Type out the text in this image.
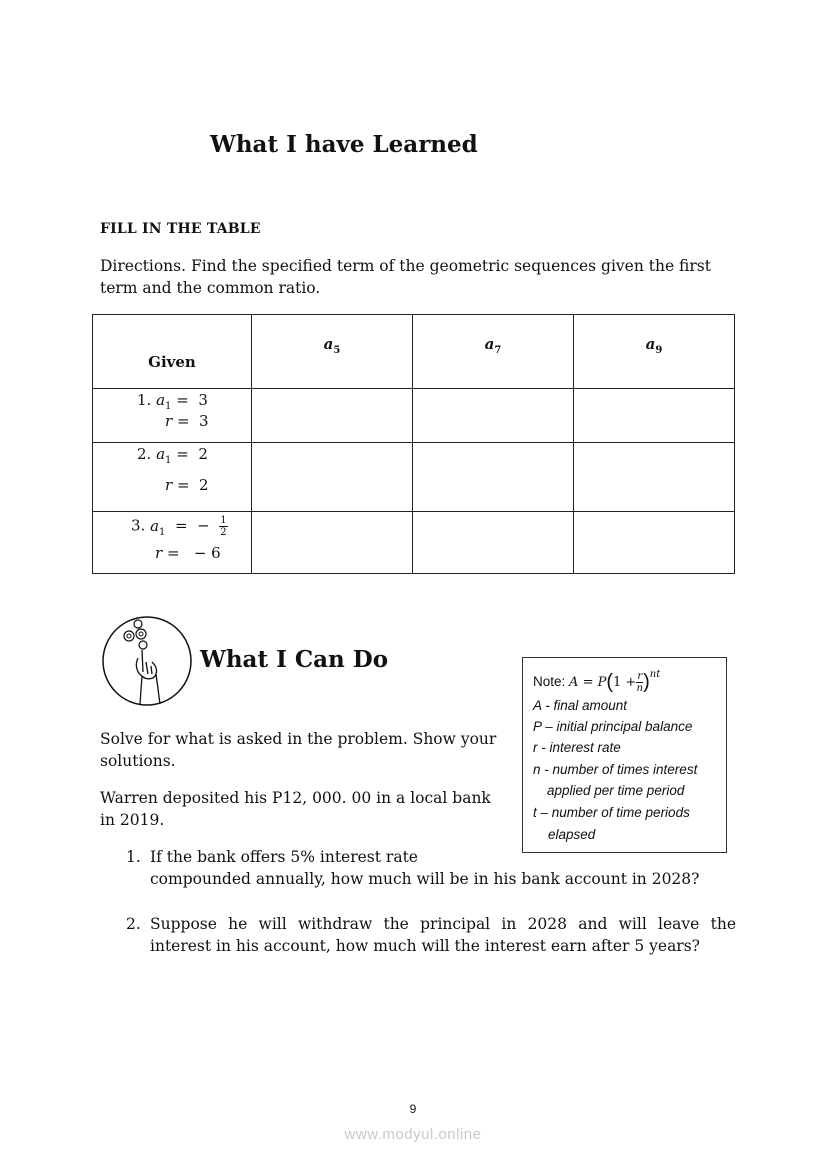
What I have Learned
FILL IN THE TABLE
Directions. Find the specified term of the geometric sequences given the first
term and the common ratio.
Given	$a_5$	$a_7$	$a_9$

1. $a_1 = 3$
r =  3			

2. $a_1 = 2$
r =  2			

3. $a_1$ = − $\frac{1}{2}$
r =   − 6			

What I Can Do
Note: $A = P(1 + \frac{r}{n} )^{nt}$
A - final amount
P – initial principal balance
r - interest rate
n - number of times interest
applied per time period
t – number of time periods
elapsed
Solve for what is asked in the problem. Show your
solutions.
Warren deposited his P12, 000. 00 in a local bank
in 2019.
1. If the bank offers 5% interest rate
compounded annually, how much will be in his bank account in 2028?
2. Suppose he will withdraw the principal in 2028 and will leave the
interest in his account, how much will the interest earn after 5 years?
9
www.modyul.online
